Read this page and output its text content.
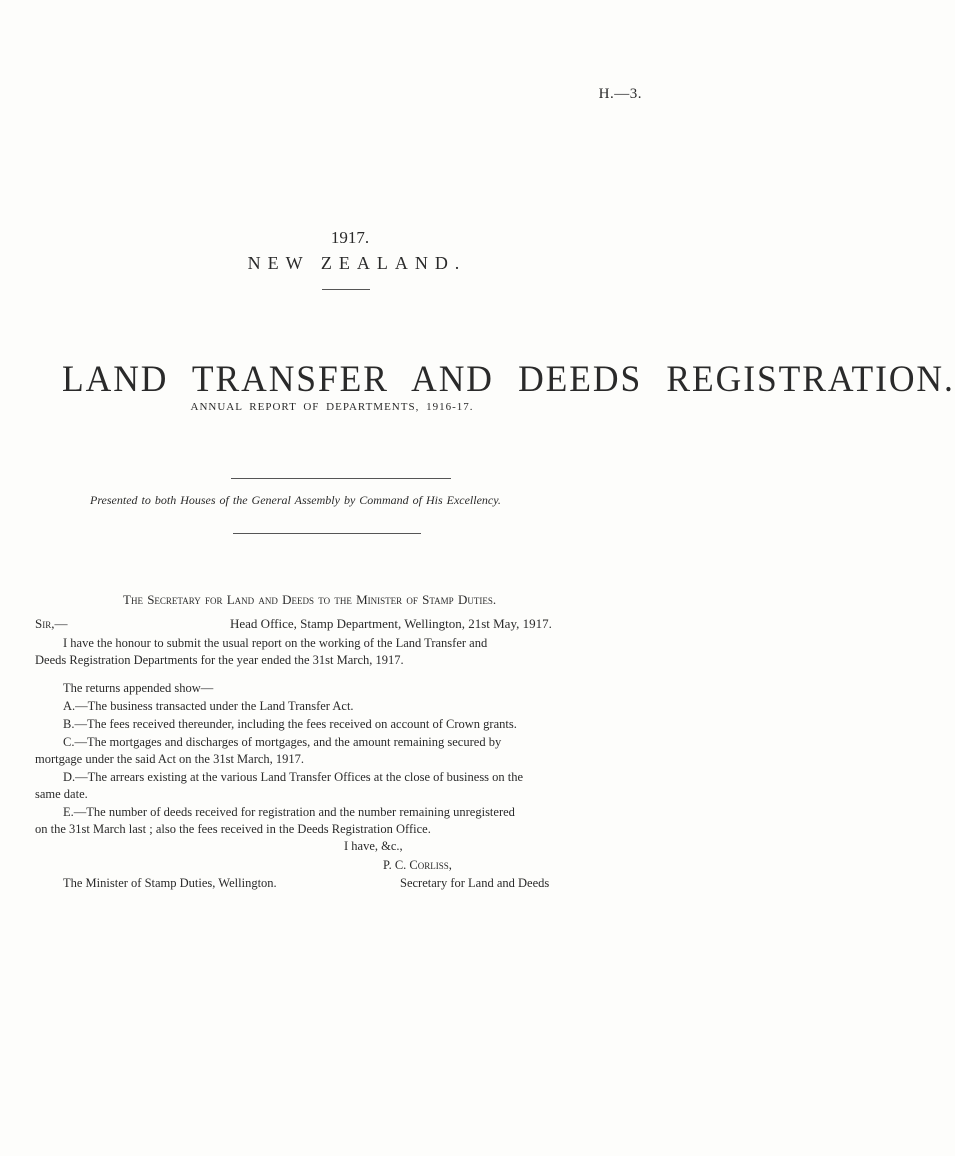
H.—3.
1917.
NEW ZEALAND.
LAND TRANSFER AND DEEDS REGISTRATION.
ANNUAL REPORT OF DEPARTMENTS, 1916-17.
Presented to both Houses of the General Assembly by Command of His Excellency.
The Secretary for Land and Deeds to the Minister of Stamp Duties.
Sir,—	Head Office, Stamp Department, Wellington, 21st May, 1917.
I have the honour to submit the usual report on the working of the Land Transfer and
Deeds Registration Departments for the year ended the 31st March, 1917.
The returns appended show—
A.—The business transacted under the Land Transfer Act.
B.—The fees received thereunder, including the fees received on account of Crown grants.
C.—The mortgages and discharges of mortgages, and the amount remaining secured by
mortgage under the said Act on the 31st March, 1917.
D.—The arrears existing at the various Land Transfer Offices at the close of business on the
same date.
E.—The number of deeds received for registration and the number remaining unregistered
on the 31st March last ; also the fees received in the Deeds Registration Office.
I have, &c.,
P. C. Corliss,
The Minister of Stamp Duties, Wellington.	Secretary for Land and Deeds
